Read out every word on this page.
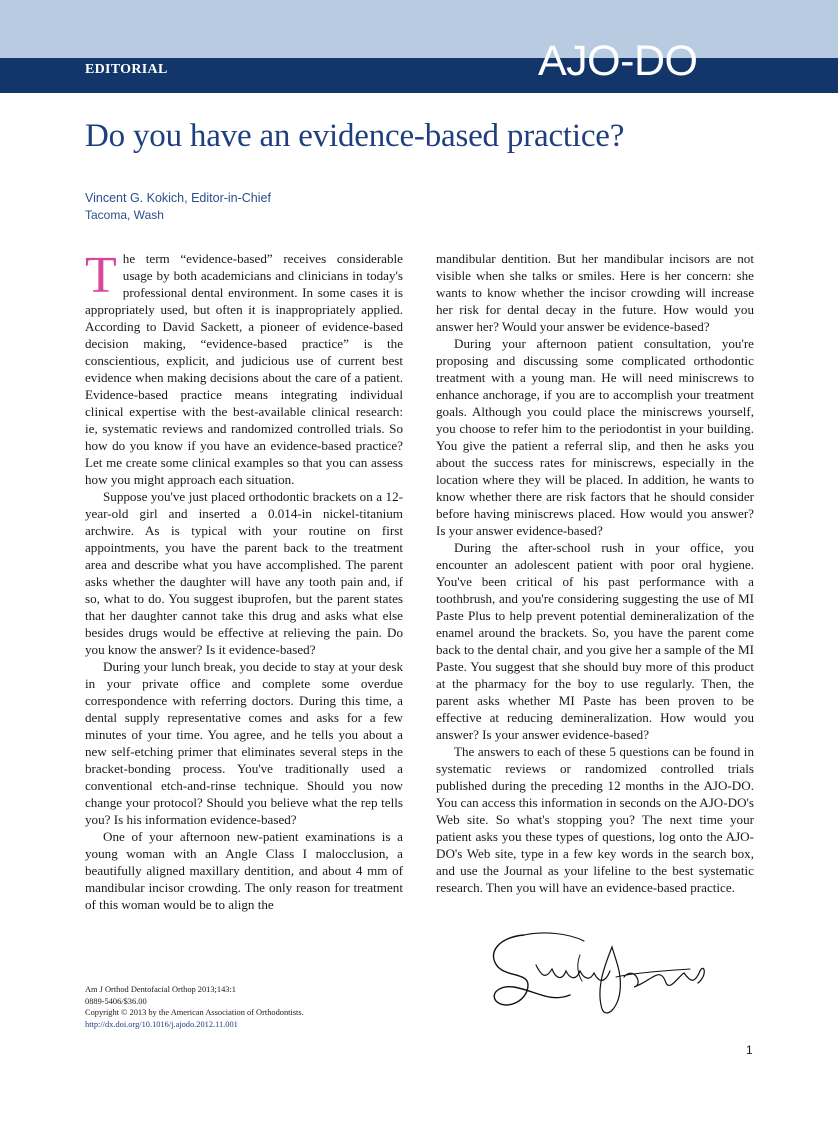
EDITORIAL	AJO-DO
Do you have an evidence-based practice?
Vincent G. Kokich, Editor-in-Chief
Tacoma, Wash

The term “evidence-based” receives considerable usage by both academicians and clinicians in today's professional dental environment. In some cases it is appropriately used, but often it is inappropriately applied. According to David Sackett, a pioneer of evidence-based decision making, “evidence-based practice” is the conscientious, explicit, and judicious use of current best evidence when making decisions about the care of a patient. Evidence-based practice means integrating individual clinical expertise with the best-available clinical research: ie, systematic reviews and randomized controlled trials. So how do you know if you have an evidence-based practice? Let me create some clinical examples so that you can assess how you might approach each situation.

Suppose you've just placed orthodontic brackets on a 12-year-old girl and inserted a 0.014-in nickel-titanium archwire. As is typical with your routine on first appointments, you have the parent back to the treatment area and describe what you have accomplished. The parent asks whether the daughter will have any tooth pain and, if so, what to do. You suggest ibuprofen, but the parent states that her daughter cannot take this drug and asks what else besides drugs would be effective at relieving the pain. Do you know the answer? Is it evidence-based?

During your lunch break, you decide to stay at your desk in your private office and complete some overdue correspondence with referring doctors. During this time, a dental supply representative comes and asks for a few minutes of your time. You agree, and he tells you about a new self-etching primer that eliminates several steps in the bracket-bonding process. You've traditionally used a conventional etch-and-rinse technique. Should you now change your protocol? Should you believe what the rep tells you? Is his information evidence-based?

One of your afternoon new-patient examinations is a young woman with an Angle Class I malocclusion, a beautifully aligned maxillary dentition, and about 4 mm of mandibular incisor crowding. The only reason for treatment of this woman would be to align the

mandibular dentition. But her mandibular incisors are not visible when she talks or smiles. Here is her concern: she wants to know whether the incisor crowding will increase her risk for dental decay in the future. How would you answer her? Would your answer be evidence-based?

During your afternoon patient consultation, you're proposing and discussing some complicated orthodontic treatment with a young man. He will need miniscrews to enhance anchorage, if you are to accomplish your treatment goals. Although you could place the miniscrews yourself, you choose to refer him to the periodontist in your building. You give the patient a referral slip, and then he asks you about the success rates for miniscrews, especially in the location where they will be placed. In addition, he wants to know whether there are risk factors that he should consider before having miniscrews placed. How would you answer? Is your answer evidence-based?

During the after-school rush in your office, you encounter an adolescent patient with poor oral hygiene. You've been critical of his past performance with a toothbrush, and you're considering suggesting the use of MI Paste Plus to help prevent potential demineralization of the enamel around the brackets. So, you have the parent come back to the dental chair, and you give her a sample of the MI Paste. You suggest that she should buy more of this product at the pharmacy for the boy to use regularly. Then, the parent asks whether MI Paste has been proven to be effective at reducing demineralization. How would you answer? Is your answer evidence-based?

The answers to each of these 5 questions can be found in systematic reviews or randomized controlled trials published during the preceding 12 months in the AJO-DO. You can access this information in seconds on the AJO-DO's Web site. So what's stopping you? The next time your patient asks you these types of questions, log onto the AJO-DO's Web site, type in a few key words in the search box, and use the Journal as your lifeline to the best systematic research. Then you will have an evidence-based practice.

Am J Orthod Dentofacial Orthop 2013;143:1
0889-5406/$36.00
Copyright © 2013 by the American Association of Orthodontists.
http://dx.doi.org/10.1016/j.ajodo.2012.11.001
1
